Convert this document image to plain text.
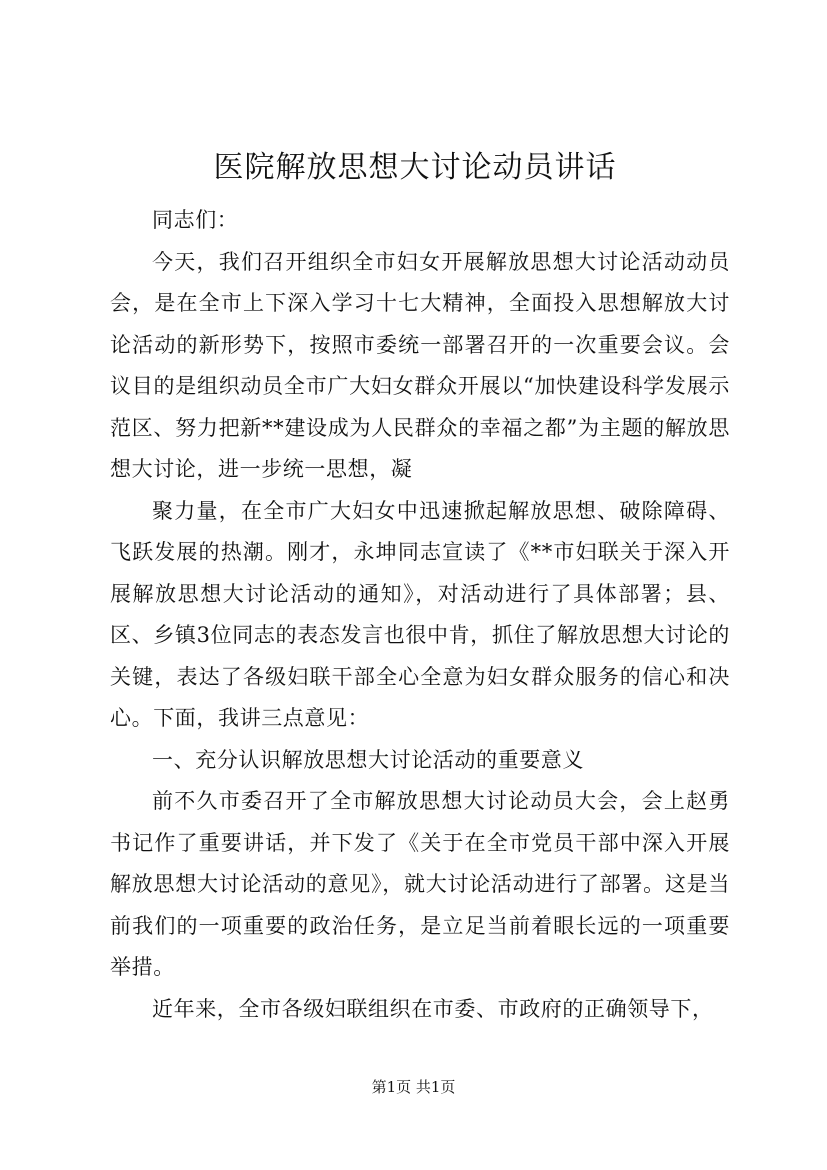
医院解放思想大讨论动员讲话

同志们：

今天，我们召开组织全市妇女开展解放思想大讨论活动动员会，是在全市上下深入学习十七大精神，全面投入思想解放大讨论活动的新形势下，按照市委统一部署召开的一次重要会议。会议目的是组织动员全市广大妇女群众开展以“加快建设科学发展示范区、努力把新**建设成为人民群众的幸福之都”为主题的解放思想大讨论，进一步统一思想，凝

聚力量，在全市广大妇女中迅速掀起解放思想、破除障碍、飞跃发展的热潮。刚才，永坤同志宣读了《**市妇联关于深入开展解放思想大讨论活动的通知》，对活动进行了具体部署；县、区、乡镇3位同志的表态发言也很中肯，抓住了解放思想大讨论的关键，表达了各级妇联干部全心全意为妇女群众服务的信心和决心。下面，我讲三点意见：

一、充分认识解放思想大讨论活动的重要意义

前不久市委召开了全市解放思想大讨论动员大会，会上赵勇书记作了重要讲话，并下发了《关于在全市党员干部中深入开展解放思想大讨论活动的意见》，就大讨论活动进行了部署。这是当前我们的一项重要的政治任务，是立足当前着眼长远的一项重要举措。

近年来，全市各级妇联组织在市委、市政府的正确领导下，

第1页 共1页
